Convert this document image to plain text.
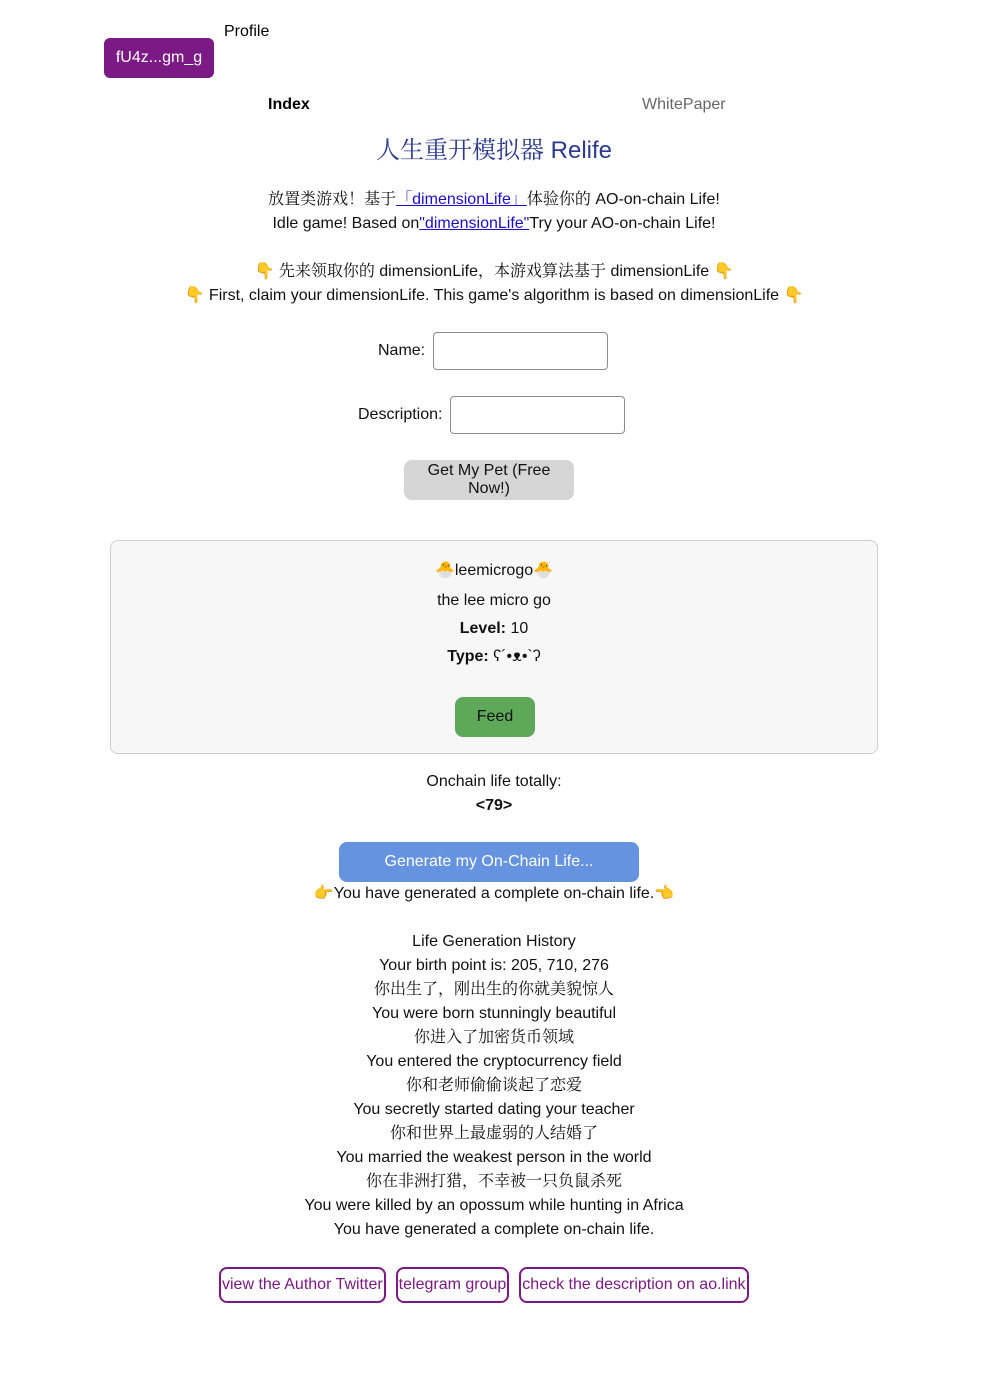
Profile
fU4z...gm_g
Index	WhitePaper
人生重开模拟器 Relife
放置类游戏！基于「dimensionLife」体验你的 AO-on-chain Life!
Idle game! Based on"dimensionLife"Try your AO-on-chain Life!
👇 先来领取你的 dimensionLife，本游戏算法基于 dimensionLife 👇
👇 First, claim your dimensionLife. This game's algorithm is based on dimensionLife 👇
Name:
Description:
Get My Pet (Free Now!)
🐣leemicrogo🐣
the lee micro go
Level: 10
Type: ʕ´•ᴥ•`ʔ
Feed
Onchain life totally:
<79>
Generate my On-Chain Life...
👉You have generated a complete on-chain life.👈
Life Generation History
Your birth point is: 205, 710, 276
你出生了，刚出生的你就美貌惊人
You were born stunningly beautiful
你进入了加密货币领域
You entered the cryptocurrency field
你和老师偷偷谈起了恋爱
You secretly started dating your teacher
你和世界上最虚弱的人结婚了
You married the weakest person in the world
你在非洲打猎，不幸被一只负鼠杀死
You were killed by an opossum while hunting in Africa
You have generated a complete on-chain life.
view the Author Twitter telegram group check the description on ao.link
